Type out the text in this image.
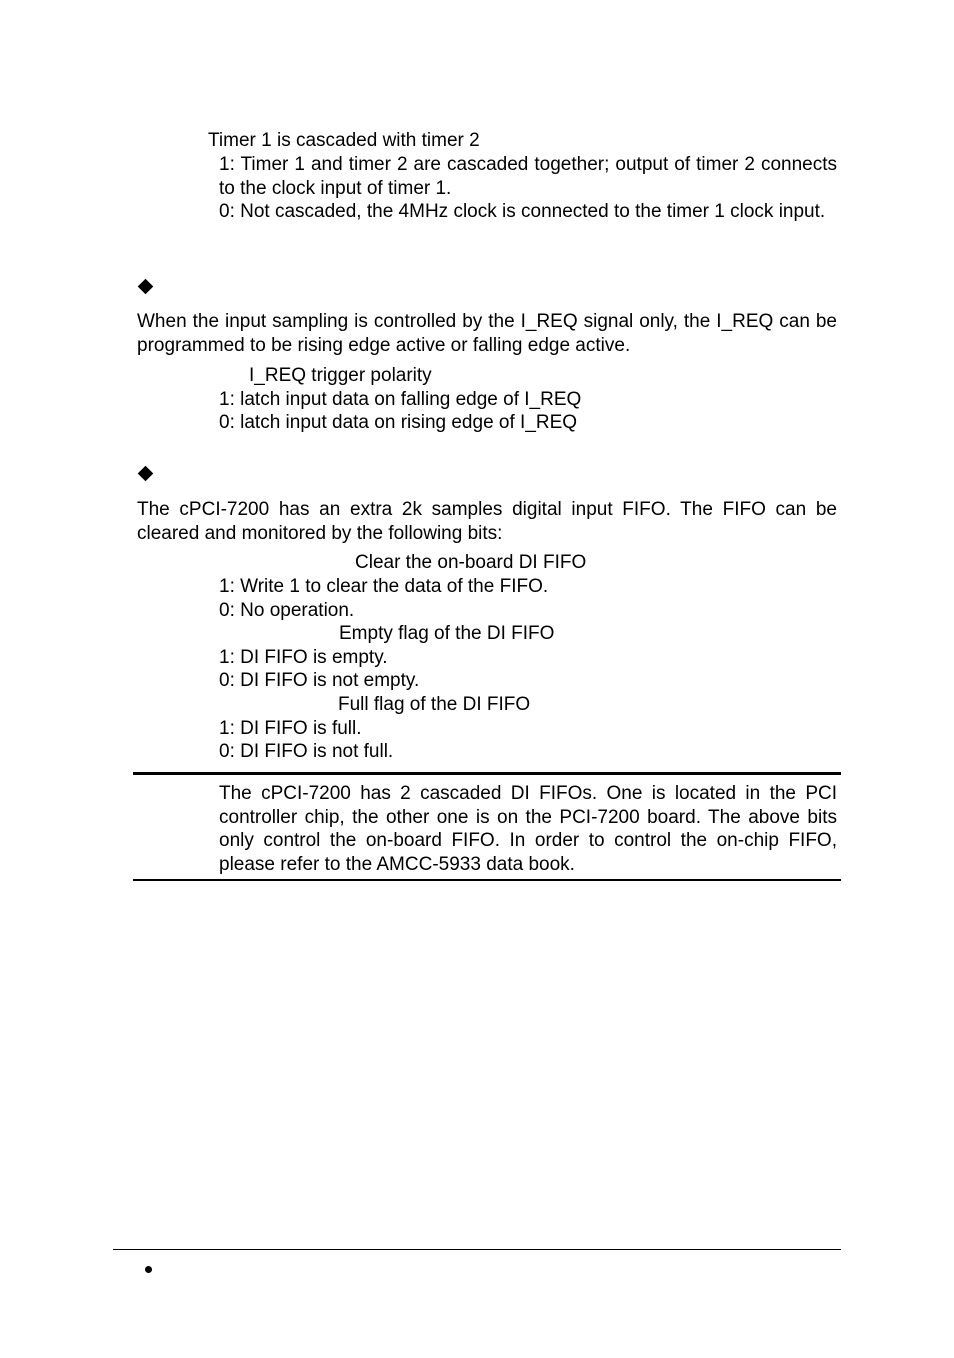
Timer 1 is cascaded with timer 2
1: Timer 1 and timer 2 are cascaded together; output of timer 2 connects to the clock input of timer 1.
0: Not cascaded, the 4MHz clock is connected to the timer 1 clock input.
When the input sampling is controlled by the I_REQ signal only, the I_REQ can be programmed to be rising edge active or falling edge active.
I_REQ trigger polarity
1: latch input data on falling edge of I_REQ
0: latch input data on rising edge of I_REQ
The cPCI-7200 has an extra 2k samples digital input FIFO. The FIFO can be cleared and monitored by the following bits:
Clear the on-board DI FIFO
1: Write 1 to clear the data of the FIFO.
0: No operation.
Empty flag of the DI FIFO
1: DI FIFO is empty.
0: DI FIFO is not empty.
Full flag of the DI FIFO
1: DI FIFO is full.
0: DI FIFO is not full.
The cPCI-7200 has 2 cascaded DI FIFOs. One is located in the PCI controller chip, the other one is on the PCI-7200 board. The above bits only control the on-board FIFO. In order to control the on-chip FIFO, please refer to the AMCC-5933 data book.
